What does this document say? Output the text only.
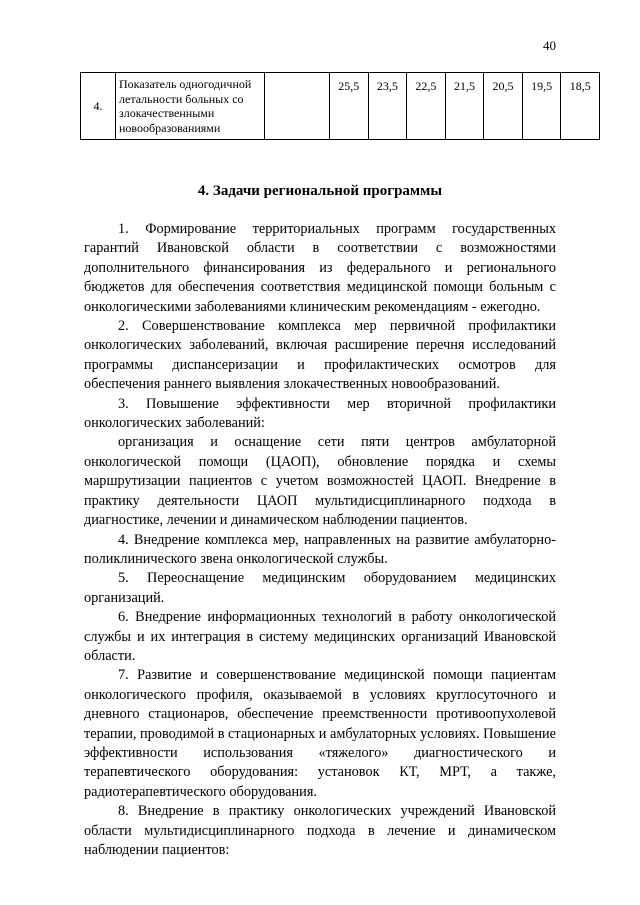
40
4.	Показатель одногодичной летальности больных со злокачественными новообразованиями		25,5	23,5	22,5	21,5	20,5	19,5	18,5
4. Задачи региональной программы

1. Формирование территориальных программ государственных гарантий Ивановской области в соответствии с возможностями дополнительного финансирования из федерального и регионального бюджетов для обеспечения соответствия медицинской помощи больным с онкологическими заболеваниями клиническим рекомендациям - ежегодно.

2. Совершенствование комплекса мер первичной профилактики онкологических заболеваний, включая расширение перечня исследований программы диспансеризации и профилактических осмотров для обеспечения раннего выявления злокачественных новообразований.

3. Повышение эффективности мер вторичной профилактики онкологических заболеваний:

организация и оснащение сети пяти центров амбулаторной онкологической помощи (ЦАОП), обновление порядка и схемы маршрутизации пациентов с учетом возможностей ЦАОП. Внедрение в практику деятельности ЦАОП мультидисциплинарного подхода в диагностике, лечении и динамическом наблюдении пациентов.

4. Внедрение комплекса мер, направленных на развитие амбулаторно-поликлинического звена онкологической службы.

5. Переоснащение медицинским оборудованием медицинских организаций.

6. Внедрение информационных технологий в работу онкологической службы и их интеграция в систему медицинских организаций Ивановской области.

7. Развитие и совершенствование медицинской помощи пациентам онкологического профиля, оказываемой в условиях круглосуточного и дневного стационаров, обеспечение преемственности противоопухолевой терапии, проводимой в стационарных и амбулаторных условиях. Повышение эффективности использования «тяжелого» диагностического и терапевтического оборудования: установок КТ, МРТ, а также, радиотерапевтического оборудования.

8. Внедрение в практику онкологических учреждений Ивановской области мультидисциплинарного подхода в лечение и динамическом наблюдении пациентов:
